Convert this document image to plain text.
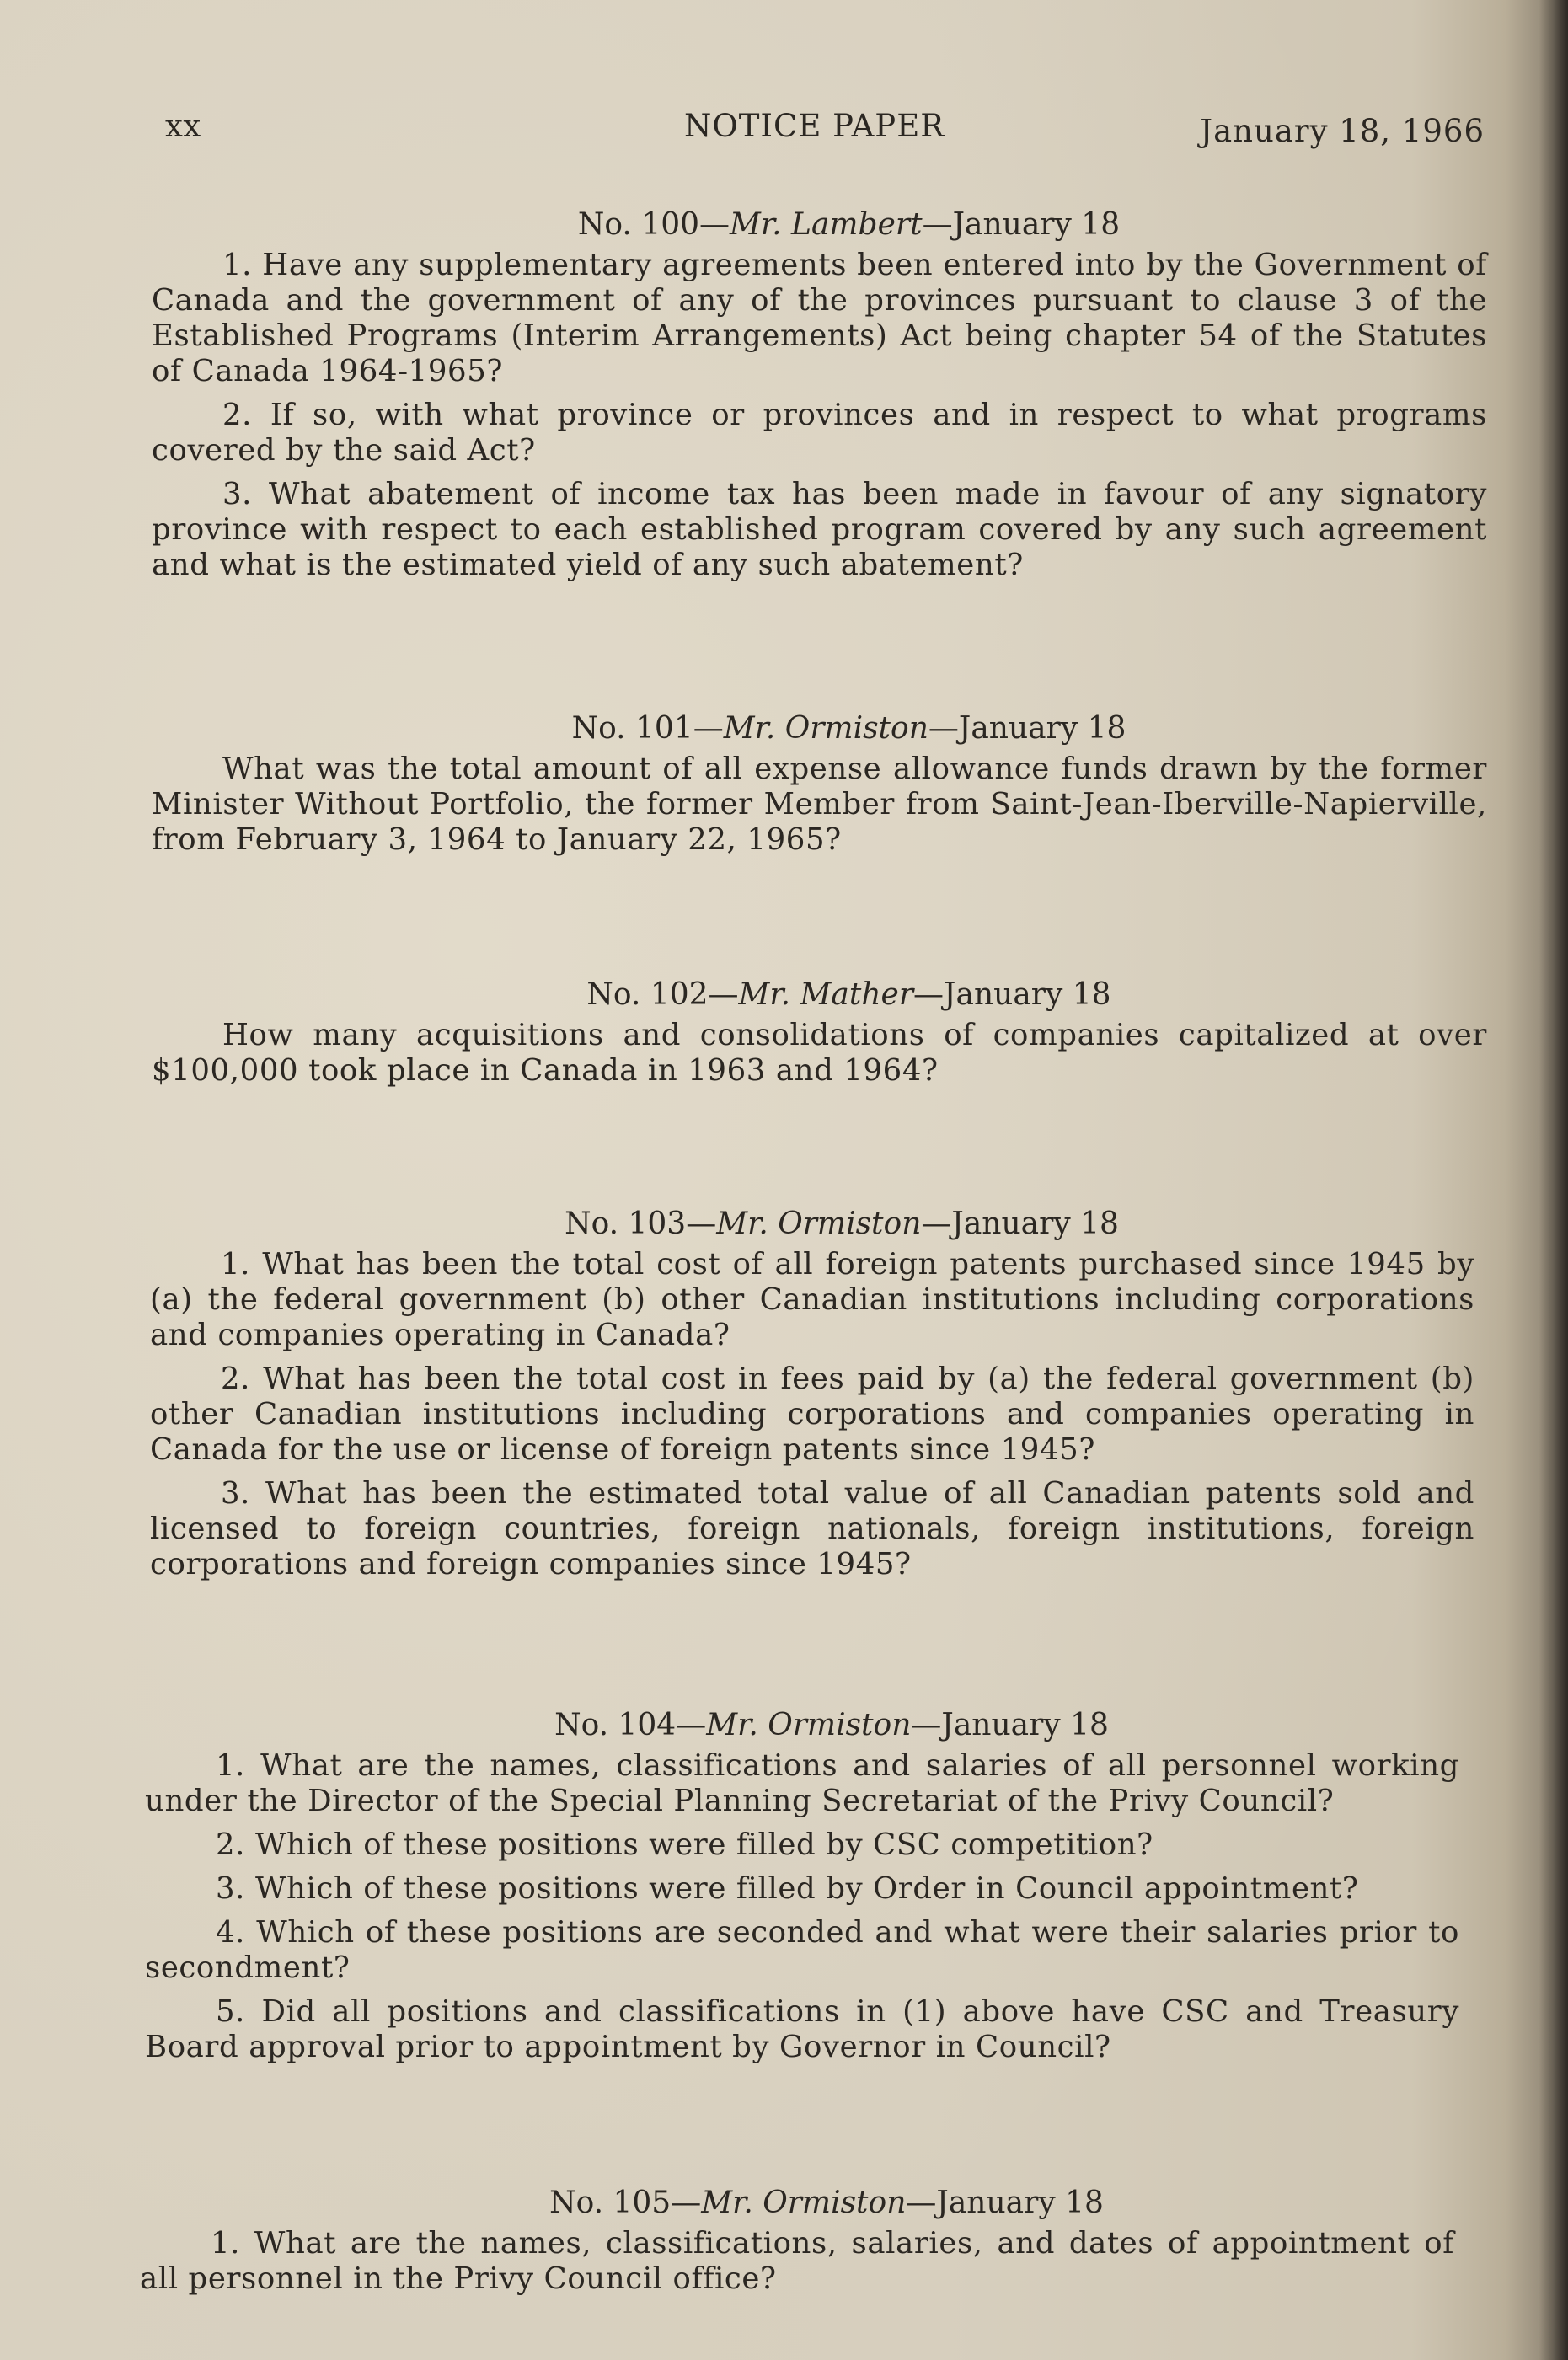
xx	NOTICE PAPER	January 18, 1966
No. 100—Mr. Lambert—January 18

1. Have any supplementary agreements been entered into by the Government of Canada and the government of any of the provinces pursuant to clause 3 of the Established Programs (Interim Arrangements) Act being chapter 54 of the Statutes of Canada 1964-1965?

2. If so, with what province or provinces and in respect to what programs covered by the said Act?

3. What abatement of income tax has been made in favour of any signatory province with respect to each established program covered by any such agreement and what is the estimated yield of any such abatement?

No. 101—Mr. Ormiston—January 18

What was the total amount of all expense allowance funds drawn by the former Minister Without Portfolio, the former Member from Saint-Jean-Iberville-Napierville, from February 3, 1964 to January 22, 1965?

No. 102—Mr. Mather—January 18

How many acquisitions and consolidations of companies capitalized at over $100,000 took place in Canada in 1963 and 1964?

No. 103—Mr. Ormiston—January 18

1. What has been the total cost of all foreign patents purchased since 1945 by (a) the federal government (b) other Canadian institutions including corporations and companies operating in Canada?

2. What has been the total cost in fees paid by (a) the federal government (b) other Canadian institutions including corporations and companies operating in Canada for the use or license of foreign patents since 1945?

3. What has been the estimated total value of all Canadian patents sold and licensed to foreign countries, foreign nationals, foreign institutions, foreign corporations and foreign companies since 1945?

No. 104—Mr. Ormiston—January 18

1. What are the names, classifications and salaries of all personnel working under the Director of the Special Planning Secretariat of the Privy Council?

2. Which of these positions were filled by CSC competition?

3. Which of these positions were filled by Order in Council appointment?

4. Which of these positions are seconded and what were their salaries prior to secondment?

5. Did all positions and classifications in (1) above have CSC and Treasury Board approval prior to appointment by Governor in Council?

No. 105—Mr. Ormiston—January 18

1. What are the names, classifications, salaries, and dates of appointment of all personnel in the Privy Council office?
